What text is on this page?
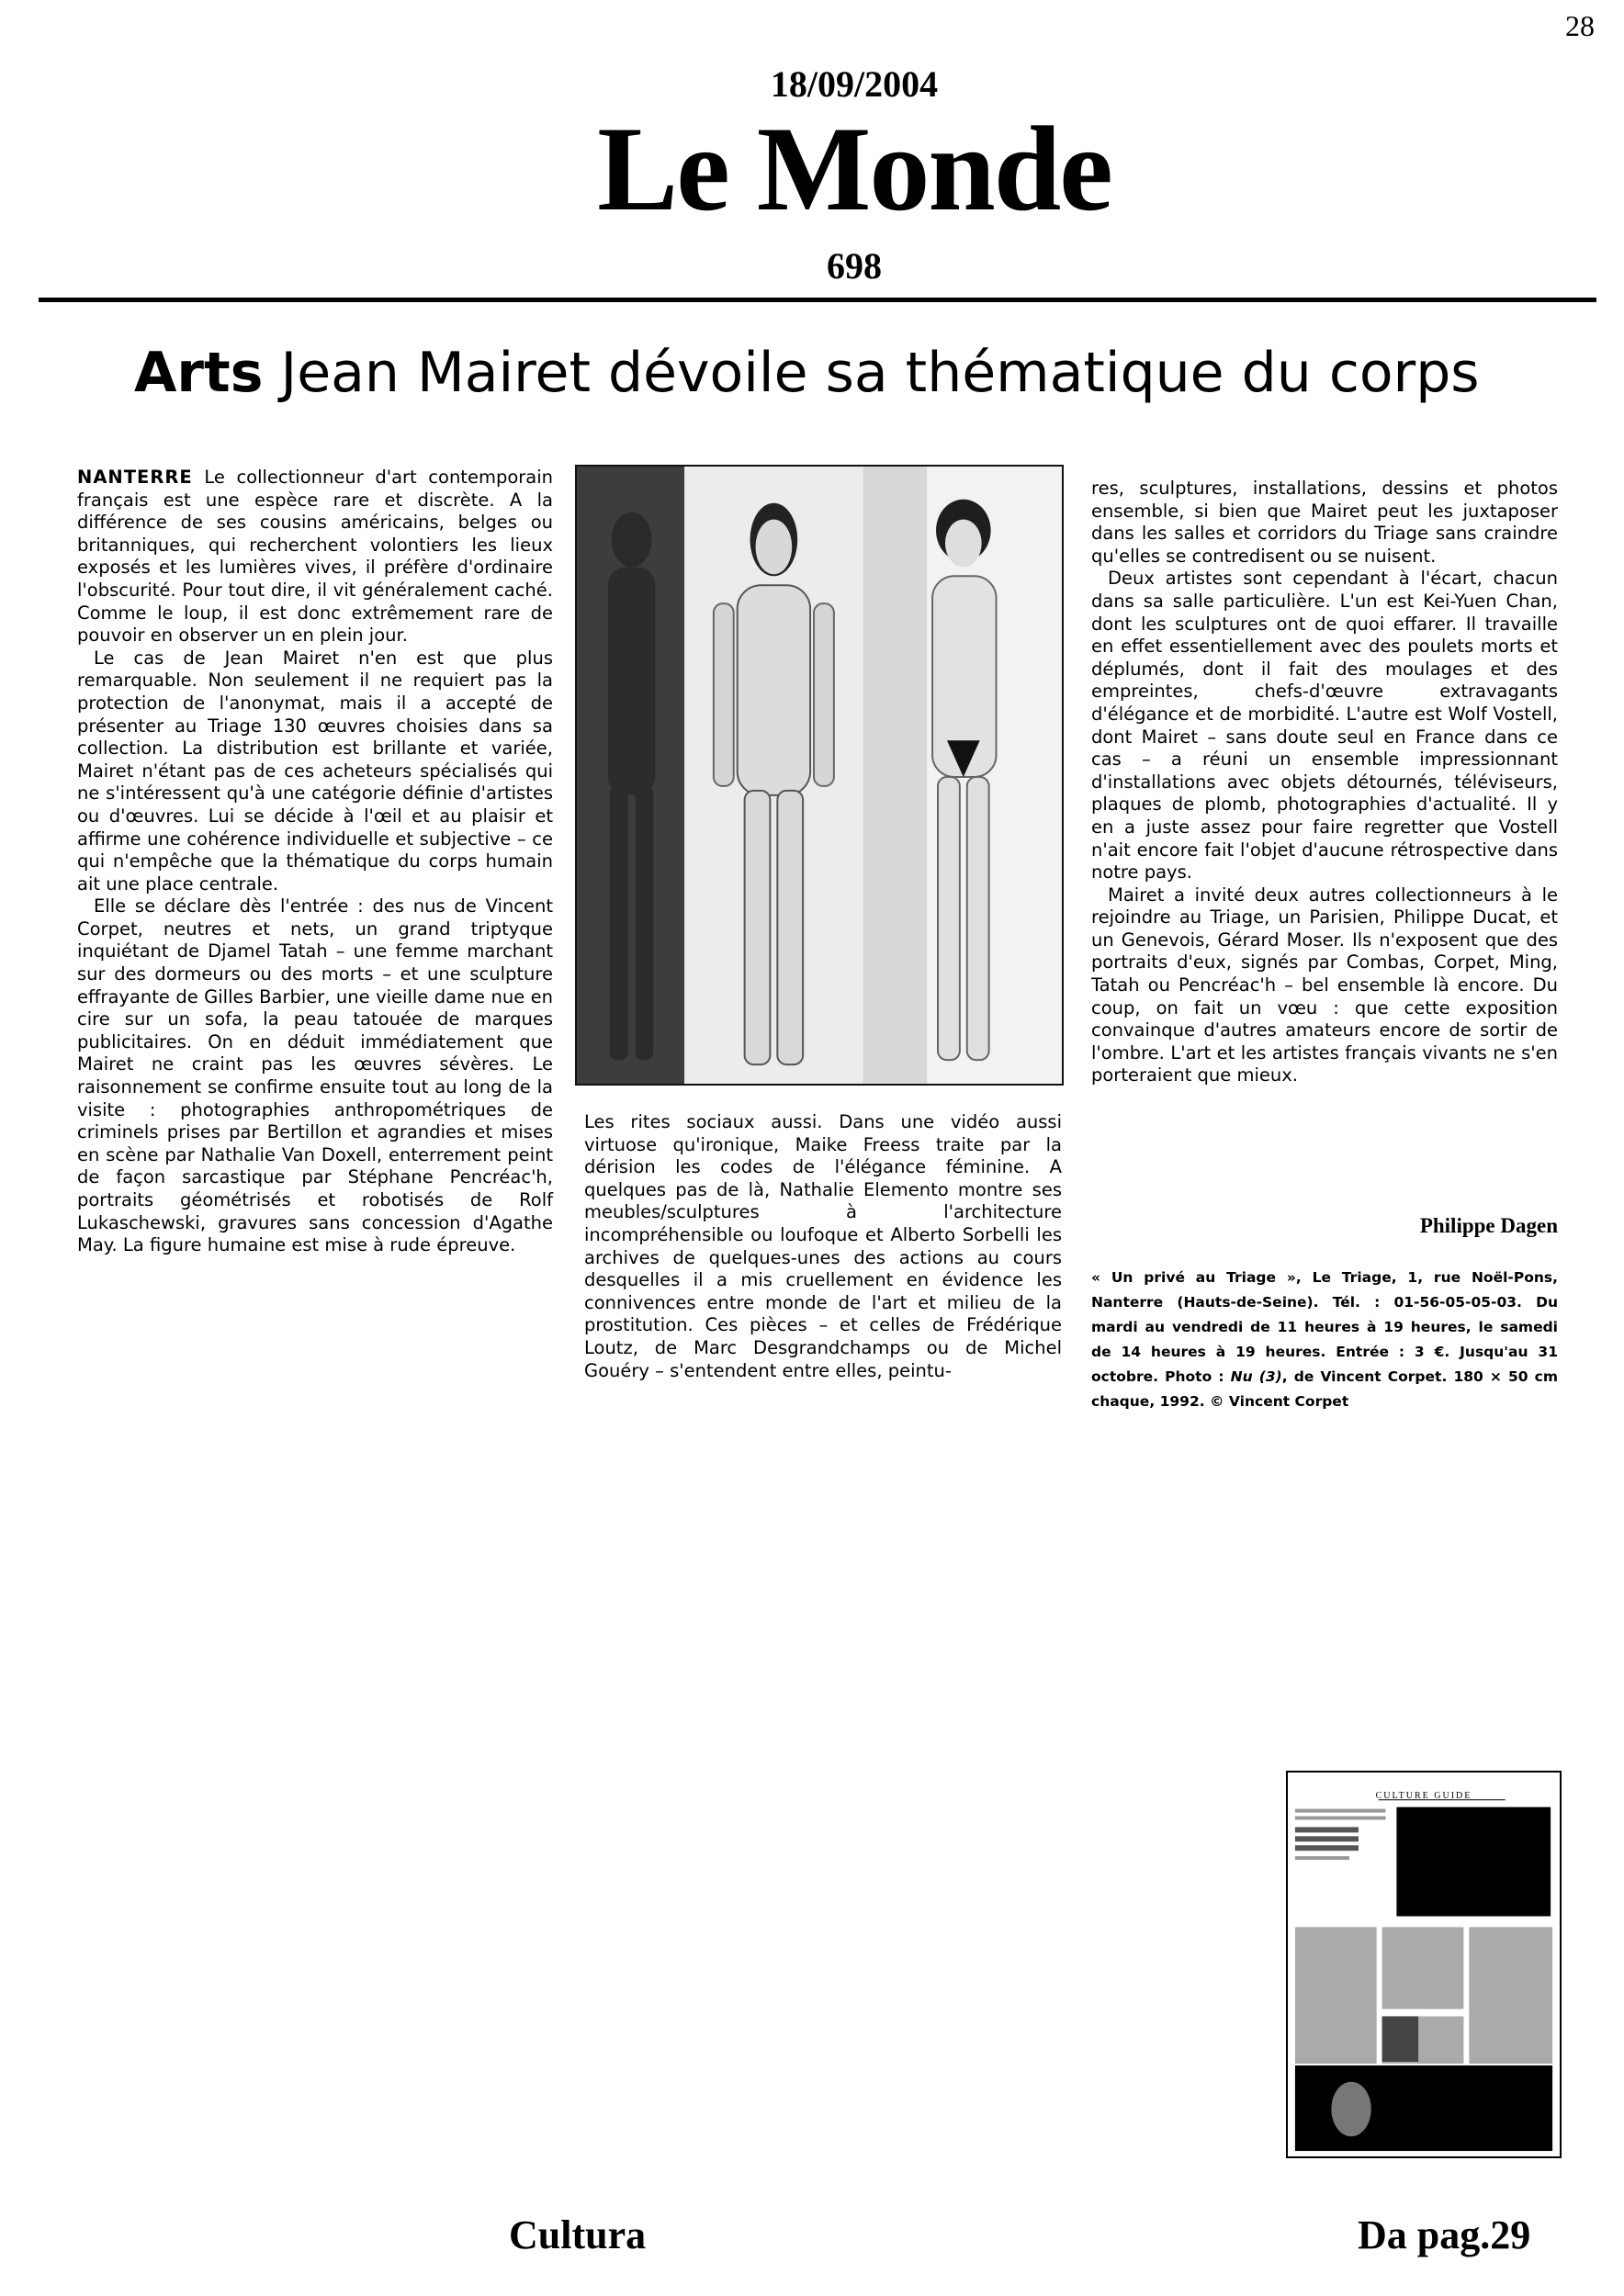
28
18/09/2004
Le Monde
698
Arts Jean Mairet dévoile sa thématique du corps

NANTERRE Le collectionneur d'art contemporain français est une espèce rare et discrète. A la différence de ses cousins américains, belges ou britanniques, qui recherchent volontiers les lieux exposés et les lumières vives, il préfère d'ordinaire l'obscurité. Pour tout dire, il vit généralement caché. Comme le loup, il est donc extrêmement rare de pouvoir en observer un en plein jour.

Le cas de Jean Mairet n'en est que plus remarquable. Non seulement il ne requiert pas la protection de l'anonymat, mais il a accepté de présenter au Triage 130 œuvres choisies dans sa collection. La distribution est brillante et variée, Mairet n'étant pas de ces acheteurs spécialisés qui ne s'intéressent qu'à une catégorie définie d'artistes ou d'œuvres. Lui se décide à l'œil et au plaisir et affirme une cohérence individuelle et subjective – ce qui n'empêche que la thématique du corps humain ait une place centrale.

Elle se déclare dès l'entrée : des nus de Vincent Corpet, neutres et nets, un grand triptyque inquiétant de Djamel Tatah – une femme marchant sur des dormeurs ou des morts – et une sculpture effrayante de Gilles Barbier, une vieille dame nue en cire sur un sofa, la peau tatouée de marques publicitaires. On en déduit immédiatement que Mairet ne craint pas les œuvres sévères. Le raisonnement se confirme ensuite tout au long de la visite : photographies anthropométriques de criminels prises par Bertillon et agrandies et mises en scène par Nathalie Van Doxell, enterrement peint de façon sarcastique par Stéphane Pencréac'h, portraits géométrisés et robotisés de Rolf Lukaschewski, gravures sans concession d'Agathe May. La figure humaine est mise à rude épreuve.

Les rites sociaux aussi. Dans une vidéo aussi virtuose qu'ironique, Maike Freess traite par la dérision les codes de l'élégance féminine. A quelques pas de là, Nathalie Elemento montre ses meubles/sculptures à l'architecture incompréhensible ou loufoque et Alberto Sorbelli les archives de quelques-unes des actions au cours desquelles il a mis cruellement en évidence les connivences entre monde de l'art et milieu de la prostitution. Ces pièces – et celles de Frédérique Loutz, de Marc Desgrandchamps ou de Michel Gouéry – s'entendent entre elles, peintu-

res, sculptures, installations, dessins et photos ensemble, si bien que Mairet peut les juxtaposer dans les salles et corridors du Triage sans craindre qu'elles se contredisent ou se nuisent.

Deux artistes sont cependant à l'écart, chacun dans sa salle particulière. L'un est Kei-Yuen Chan, dont les sculptures ont de quoi effarer. Il travaille en effet essentiellement avec des poulets morts et déplumés, dont il fait des moulages et des empreintes, chefs-d'œuvre extravagants d'élégance et de morbidité. L'autre est Wolf Vostell, dont Mairet – sans doute seul en France dans ce cas – a réuni un ensemble impressionnant d'installations avec objets détournés, téléviseurs, plaques de plomb, photographies d'actualité. Il y en a juste assez pour faire regretter que Vostell n'ait encore fait l'objet d'aucune rétrospective dans notre pays.

Mairet a invité deux autres collectionneurs à le rejoindre au Triage, un Parisien, Philippe Ducat, et un Genevois, Gérard Moser. Ils n'exposent que des portraits d'eux, signés par Combas, Corpet, Ming, Tatah ou Pencréac'h – bel ensemble là encore. Du coup, on fait un vœu : que cette exposition convainque d'autres amateurs encore de sortir de l'ombre. L'art et les artistes français vivants ne s'en porteraient que mieux.

Philippe Dagen
« Un privé au Triage », Le Triage, 1, rue Noël-Pons, Nanterre (Hauts-de-Seine). Tél. : 01-56-05-05-03. Du mardi au vendredi de 11 heures à 19 heures, le samedi de 14 heures à 19 heures. Entrée : 3 €. Jusqu'au 31 octobre. Photo : Nu (3), de Vincent Corpet. 180 × 50 cm chaque, 1992. © Vincent Corpet
CULTURE GUIDE
Cultura	Da pag.29
